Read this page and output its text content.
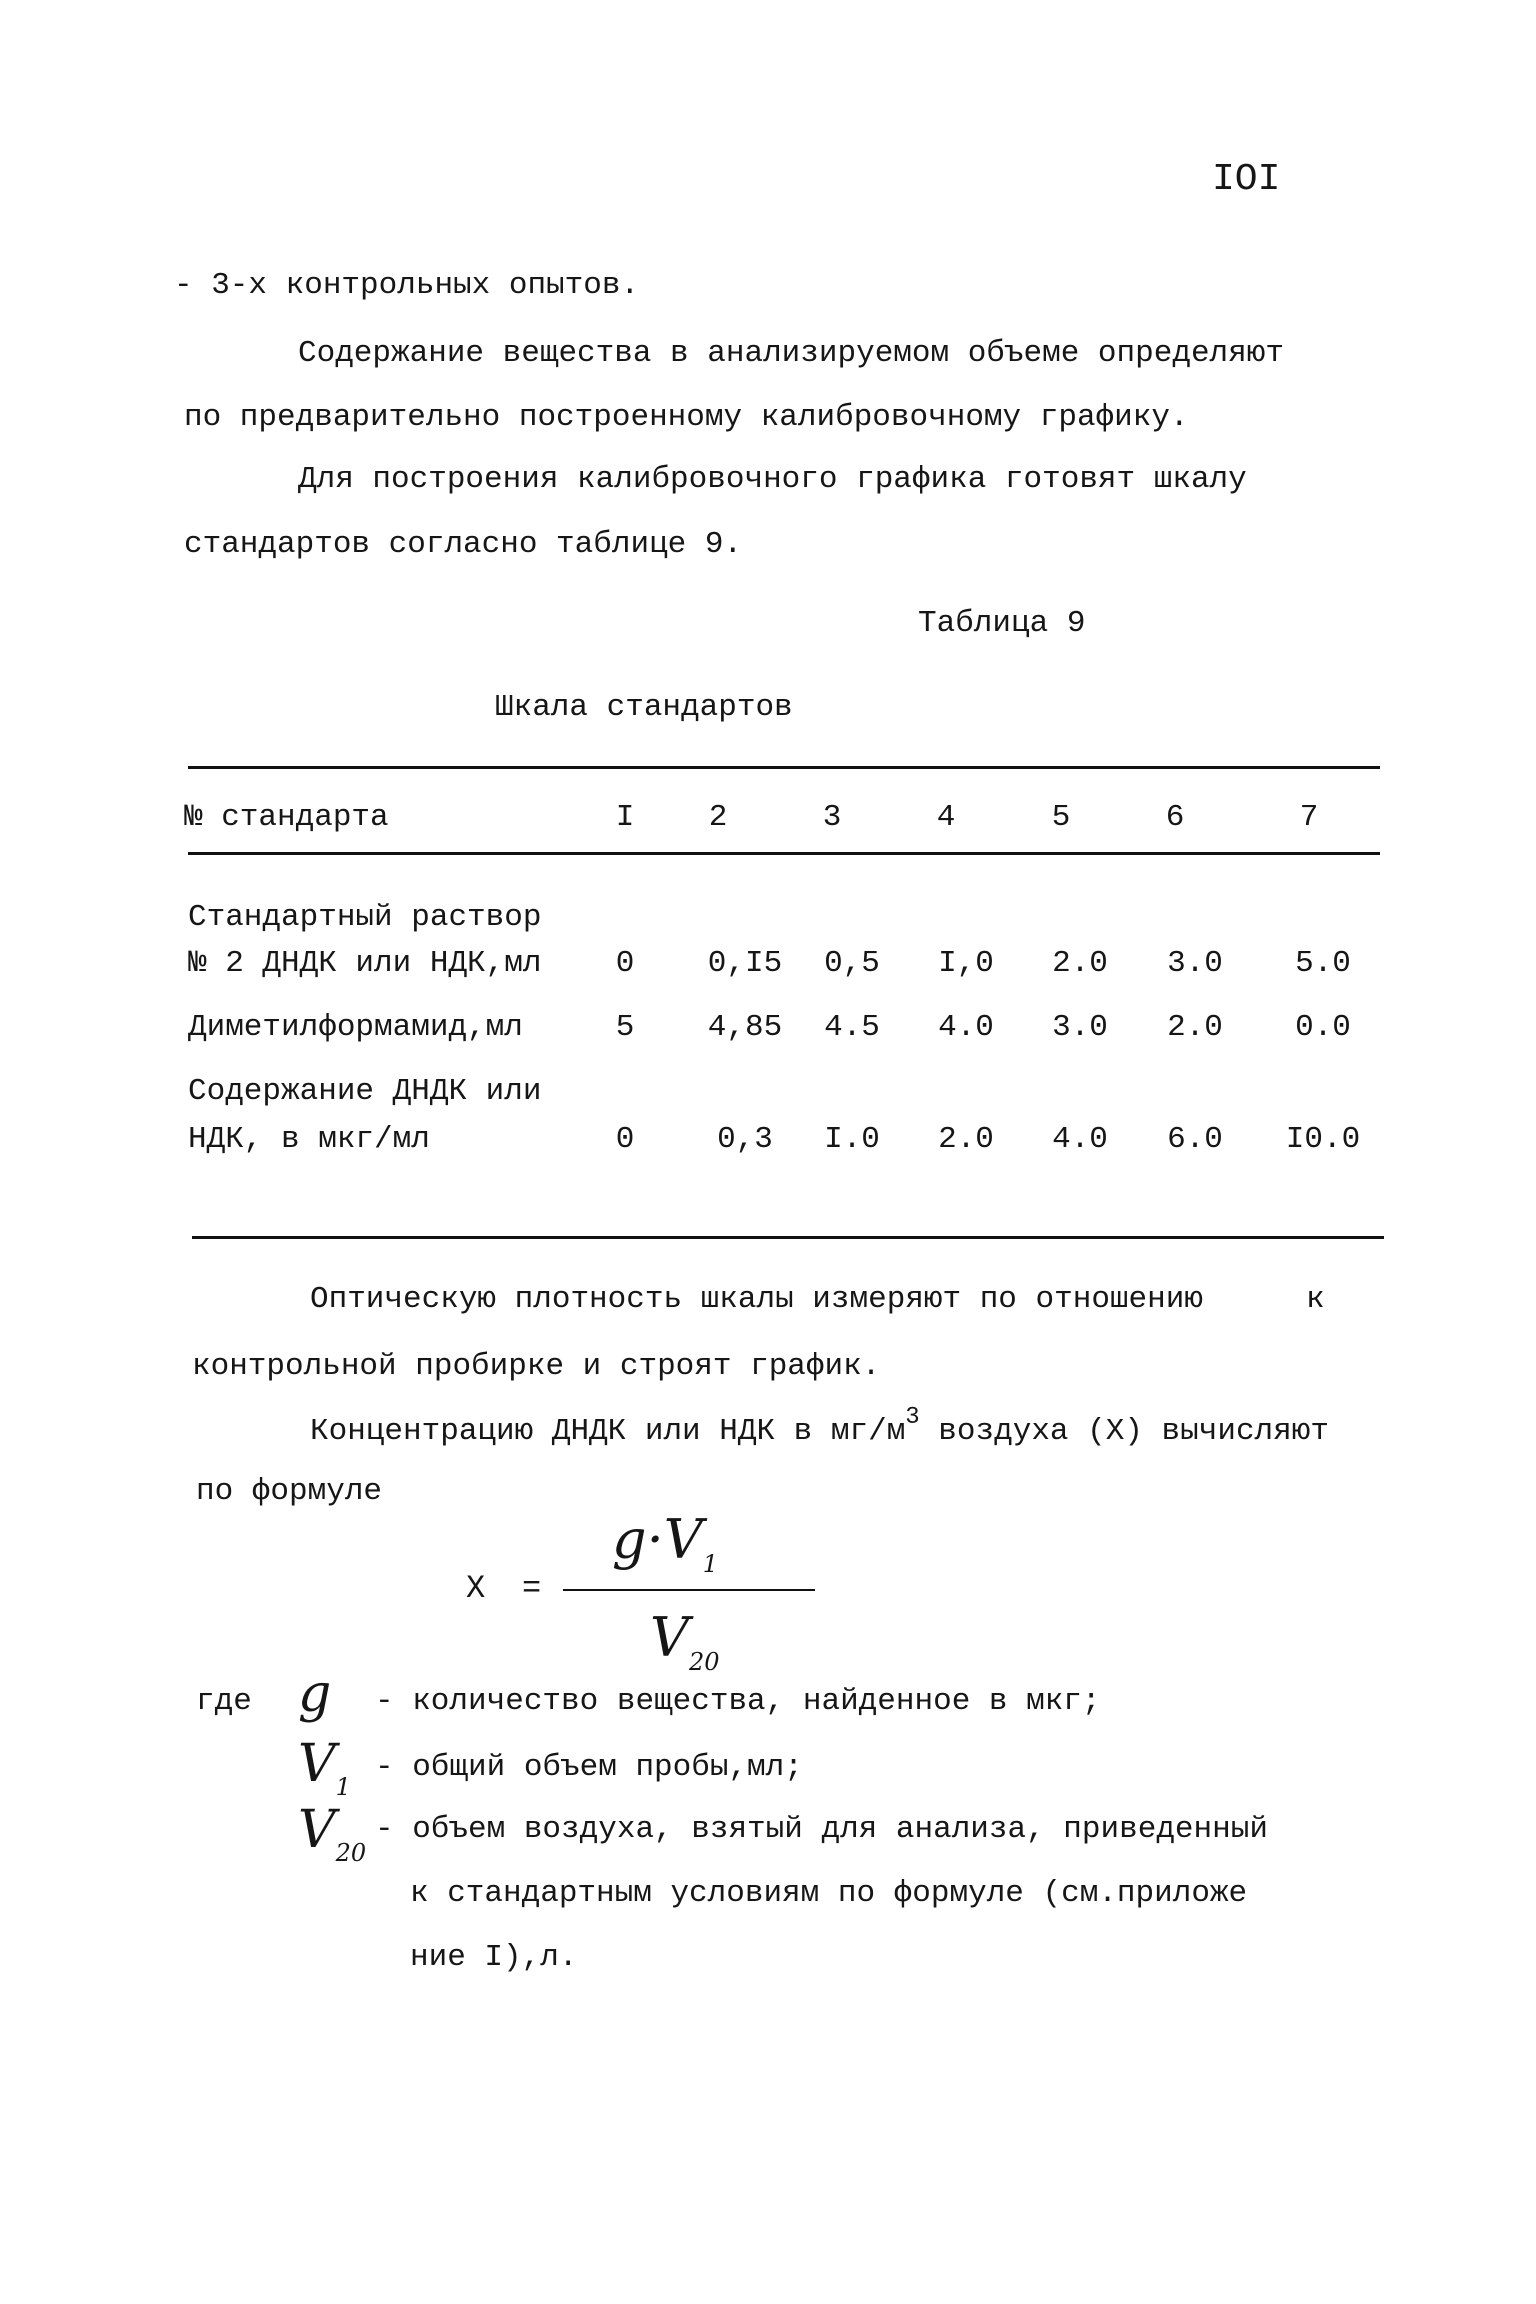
IOI
- 3-х контрольных опытов.
Содержание вещества в анализируемом объеме определяют
по предварительно построенному калибровочному графику.
Для построения калибровочного графика готовят шкалу
стандартов согласно таблице 9.
Таблица 9
Шкала стандартов
№ стандарта	I	2	3	4	5	6	7
Стандартный раствор
№ 2 ДНДК или НДК,мл	0	0,I5	0,5	I,0	2.0	3.0	5.0
Диметилформамид,мл	5	4,85	4.5	4.0	3.0	2.0	0.0
Содержание ДНДК или
НДК, в мкг/мл	0	0,3	I.0	2.0	4.0	6.0	I0.0
Оптическую плотность шкалы измеряют по отношению	к
контрольной пробирке и строят график.
Концентрацию ДНДК или НДК в $мг/м^3$ воздуха (X) вычисляют
по формуле
X =
$g\cdot V_1$
$V_{20}$
где g - количество вещества, найденное в мкг;
$V_1$
- общий объем пробы,мл;
$V_{20}$
- объем воздуха, взятый для анализа, приведенный
к стандартным условиям по формуле (см.приложе
ние I),л.
